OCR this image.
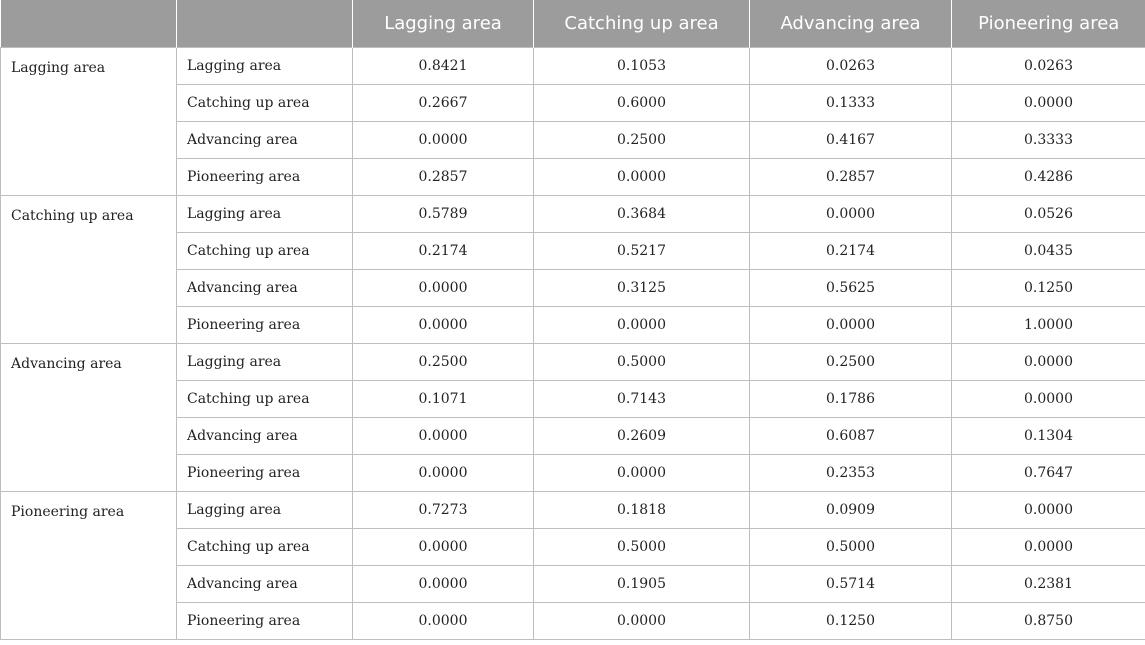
		Lagging area	Catching up area	Advancing area	Pioneering area
Lagging area	Lagging area	0.8421	0.1053	0.0263	0.0263
	Catching up area	0.2667	0.6000	0.1333	0.0000
	Advancing area	0.0000	0.2500	0.4167	0.3333
	Pioneering area	0.2857	0.0000	0.2857	0.4286
Catching up area	Lagging area	0.5789	0.3684	0.0000	0.0526
	Catching up area	0.2174	0.5217	0.2174	0.0435
	Advancing area	0.0000	0.3125	0.5625	0.1250
	Pioneering area	0.0000	0.0000	0.0000	1.0000
Advancing area	Lagging area	0.2500	0.5000	0.2500	0.0000
	Catching up area	0.1071	0.7143	0.1786	0.0000
	Advancing area	0.0000	0.2609	0.6087	0.1304
	Pioneering area	0.0000	0.0000	0.2353	0.7647
Pioneering area	Lagging area	0.7273	0.1818	0.0909	0.0000
	Catching up area	0.0000	0.5000	0.5000	0.0000
	Advancing area	0.0000	0.1905	0.5714	0.2381
	Pioneering area	0.0000	0.0000	0.1250	0.8750
